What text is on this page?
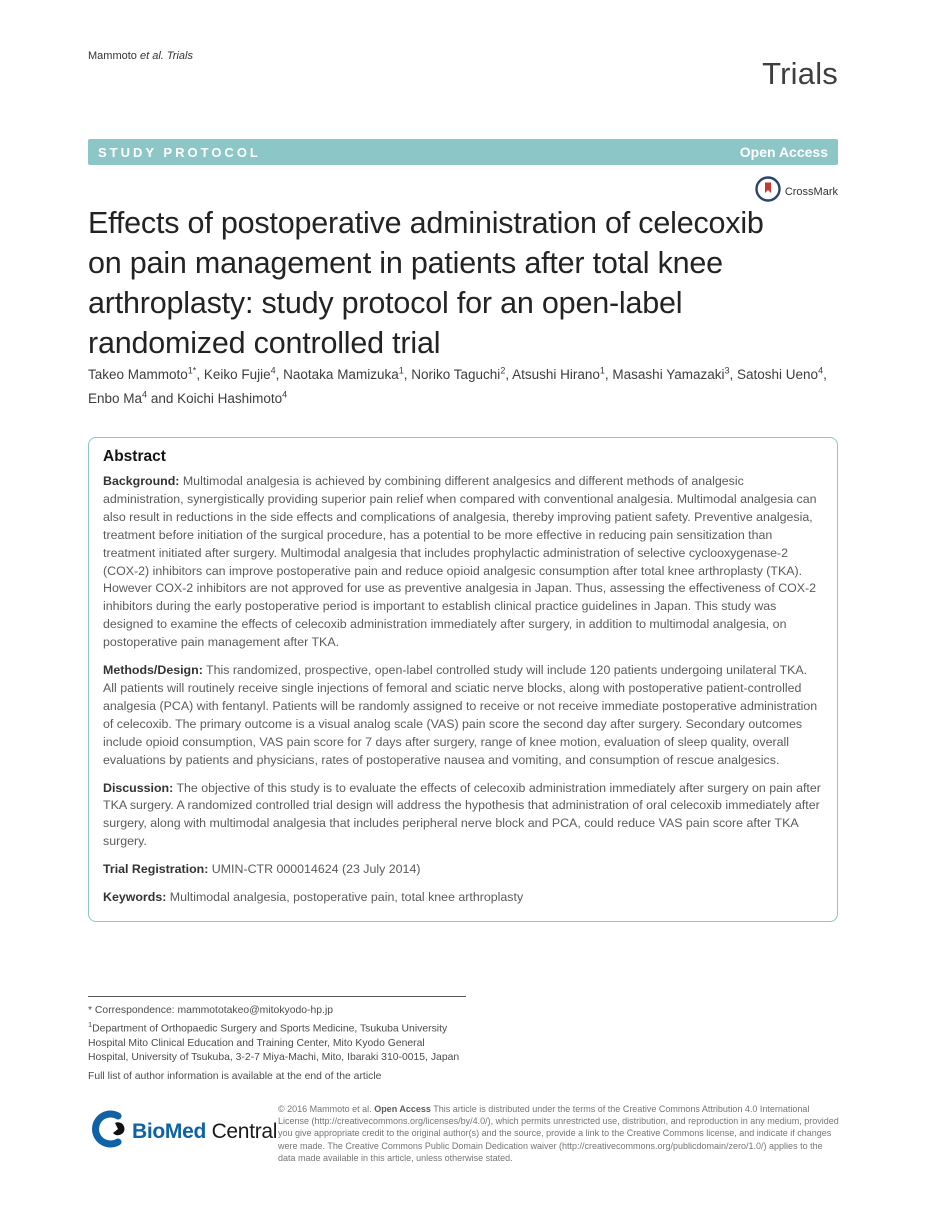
Mammoto et al. Trials	Trials
STUDY PROTOCOL	Open Access
CrossMark
Effects of postoperative administration of celecoxib on pain management in patients after total knee arthroplasty: study protocol for an open-label randomized controlled trial
Takeo Mammoto$^{1*}$, Keiko Fujie$^4$, Naotaka Mamizuka$^1$, Noriko Taguchi$^2$, Atsushi Hirano$^1$, Masashi Yamazaki$^3$, Satoshi Ueno$^4$, Enbo Ma$^4$ and Koichi Hashimoto$^4$
Abstract

Background: Multimodal analgesia is achieved by combining different analgesics and different methods of analgesic administration, synergistically providing superior pain relief when compared with conventional analgesia. Multimodal analgesia can also result in reductions in the side effects and complications of analgesia, thereby improving patient safety. Preventive analgesia, treatment before initiation of the surgical procedure, has a potential to be more effective in reducing pain sensitization than treatment initiated after surgery. Multimodal analgesia that includes prophylactic administration of selective cyclooxygenase-2 (COX-2) inhibitors can improve postoperative pain and reduce opioid analgesic consumption after total knee arthroplasty (TKA). However COX-2 inhibitors are not approved for use as preventive analgesia in Japan. Thus, assessing the effectiveness of COX-2 inhibitors during the early postoperative period is important to establish clinical practice guidelines in Japan. This study was designed to examine the effects of celecoxib administration immediately after surgery, in addition to multimodal analgesia, on postoperative pain management after TKA.

Methods/Design: This randomized, prospective, open-label controlled study will include 120 patients undergoing unilateral TKA. All patients will routinely receive single injections of femoral and sciatic nerve blocks, along with postoperative patient-controlled analgesia (PCA) with fentanyl. Patients will be randomly assigned to receive or not receive immediate postoperative administration of celecoxib. The primary outcome is a visual analog scale (VAS) pain score the second day after surgery. Secondary outcomes include opioid consumption, VAS pain score for 7 days after surgery, range of knee motion, evaluation of sleep quality, overall evaluations by patients and physicians, rates of postoperative nausea and vomiting, and consumption of rescue analgesics.

Discussion: The objective of this study is to evaluate the effects of celecoxib administration immediately after surgery on pain after TKA surgery. A randomized controlled trial design will address the hypothesis that administration of oral celecoxib immediately after surgery, along with multimodal analgesia that includes peripheral nerve block and PCA, could reduce VAS pain score after TKA surgery.

Trial Registration: UMIN-CTR 000014624 (23 July 2014)

Keywords: Multimodal analgesia, postoperative pain, total knee arthroplasty

* Correspondence: mammototakeo@mitokyodo-hp.jp
$^1$Department of Orthopaedic Surgery and Sports Medicine, Tsukuba University Hospital Mito Clinical Education and Training Center, Mito Kyodo General Hospital, University of Tsukuba, 3-2-7 Miya-Machi, Mito, Ibaraki 310-0015, Japan
Full list of author information is available at the end of the article
BioMed Central
© 2016 Mammoto et al. Open Access This article is distributed under the terms of the Creative Commons Attribution 4.0 International License (http://creativecommons.org/licenses/by/4.0/), which permits unrestricted use, distribution, and reproduction in any medium, provided you give appropriate credit to the original author(s) and the source, provide a link to the Creative Commons license, and indicate if changes were made. The Creative Commons Public Domain Dedication waiver (http://creativecommons.org/publicdomain/zero/1.0/) applies to the data made available in this article, unless otherwise stated.
